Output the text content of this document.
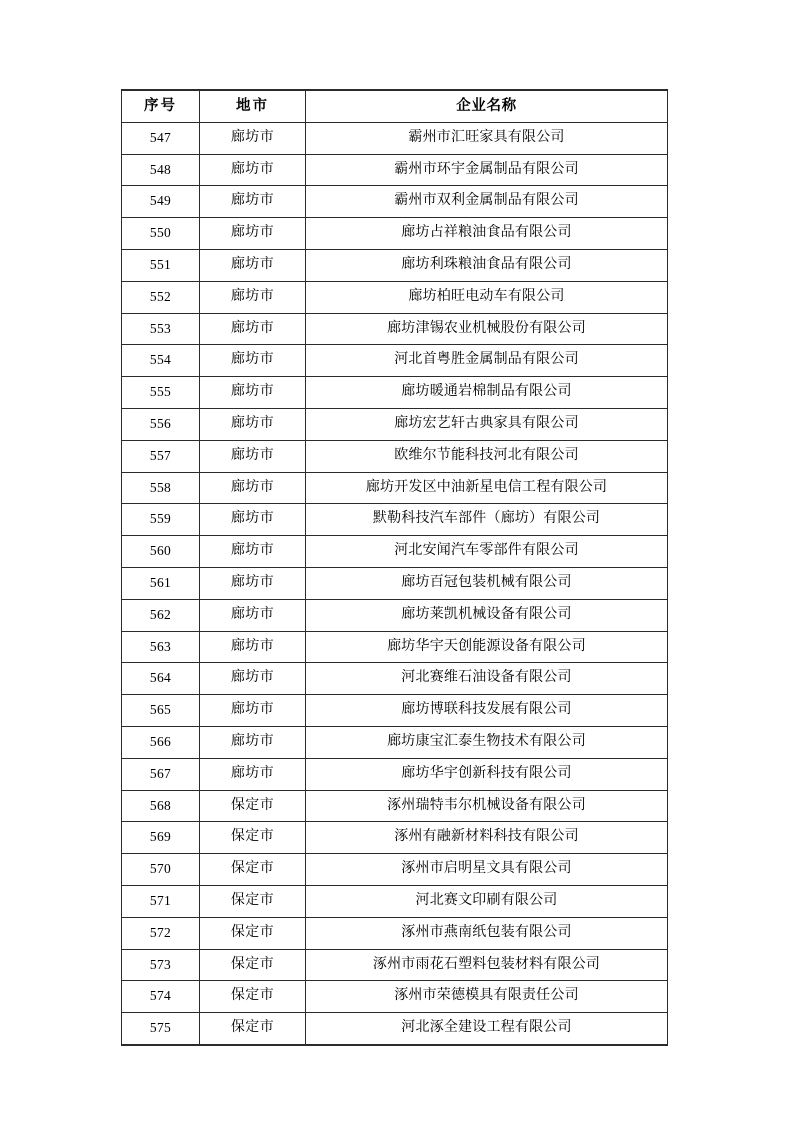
序号	地市	企业名称
547	廊坊市	霸州市汇旺家具有限公司
548	廊坊市	霸州市环宇金属制品有限公司
549	廊坊市	霸州市双利金属制品有限公司
550	廊坊市	廊坊占祥粮油食品有限公司
551	廊坊市	廊坊利珠粮油食品有限公司
552	廊坊市	廊坊柏旺电动车有限公司
553	廊坊市	廊坊津锡农业机械股份有限公司
554	廊坊市	河北首粤胜金属制品有限公司
555	廊坊市	廊坊暖通岩棉制品有限公司
556	廊坊市	廊坊宏艺轩古典家具有限公司
557	廊坊市	欧维尔节能科技河北有限公司
558	廊坊市	廊坊开发区中油新星电信工程有限公司
559	廊坊市	默勒科技汽车部件（廊坊）有限公司
560	廊坊市	河北安闻汽车零部件有限公司
561	廊坊市	廊坊百冠包装机械有限公司
562	廊坊市	廊坊莱凯机械设备有限公司
563	廊坊市	廊坊华宇天创能源设备有限公司
564	廊坊市	河北赛维石油设备有限公司
565	廊坊市	廊坊博联科技发展有限公司
566	廊坊市	廊坊康宝汇泰生物技术有限公司
567	廊坊市	廊坊华宇创新科技有限公司
568	保定市	涿州瑞特韦尔机械设备有限公司
569	保定市	涿州有融新材料科技有限公司
570	保定市	涿州市启明星文具有限公司
571	保定市	河北赛文印刷有限公司
572	保定市	涿州市燕南纸包装有限公司
573	保定市	涿州市雨花石塑料包装材料有限公司
574	保定市	涿州市荣德模具有限责任公司
575	保定市	河北涿全建设工程有限公司
